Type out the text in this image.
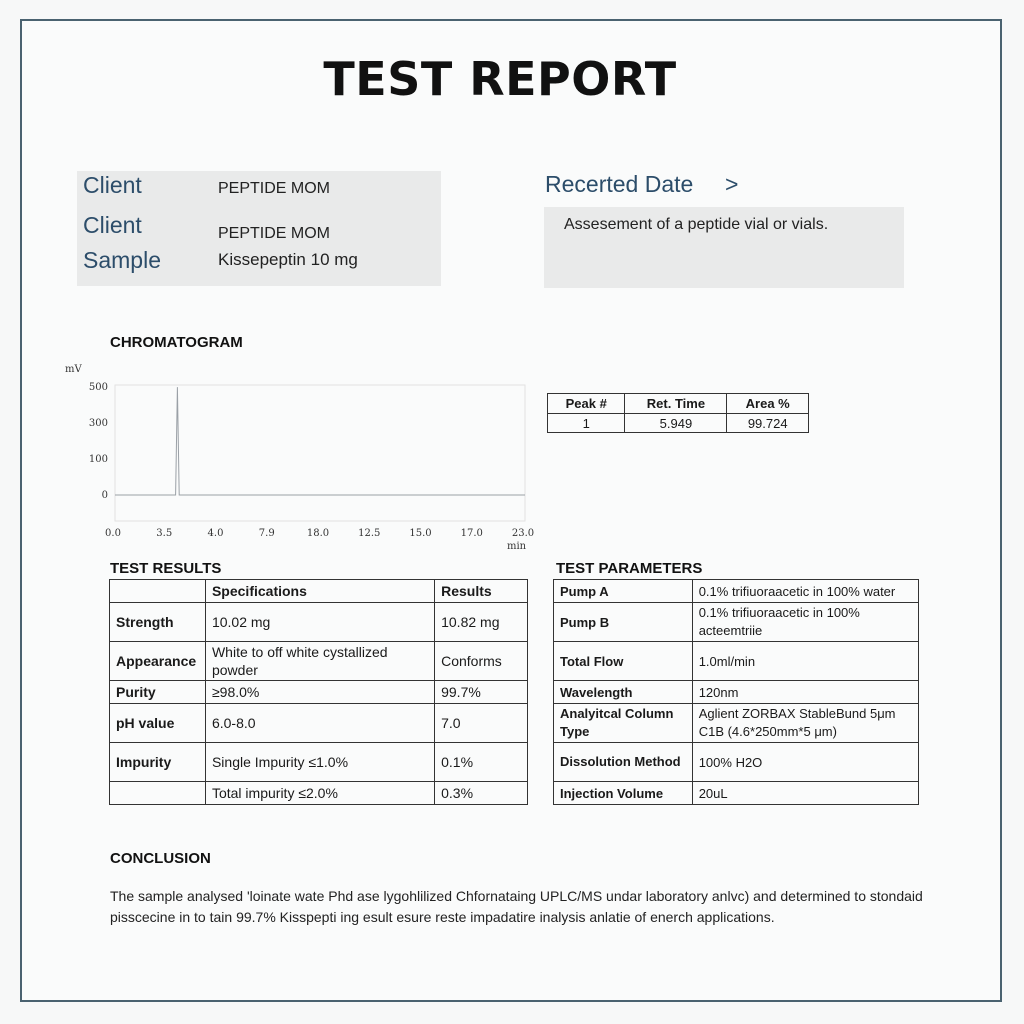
TEST REPORT
Client	PEPTIDE MOM
Client	PEPTIDE MOM
Sample	Kissepeptin 10 mg
Recerted Date >
Assesement of a peptide vial or vials.
CHROMATOGRAM
mV
500
300
100
0
0.0	3.5	4.0	7.9	18.0	12.5	15.0	17.0	23.0
min
Peak #	Ret. Time	Area %
1	5.949	99.724
TEST RESULTS
	Specifications	Results
Strength	10.02 mg	10.82 mg
Appearance	White to off white cystallized powder	Conforms
Purity	≥98.0%	99.7%
pH value	6.0-8.0	7.0
Impurity	Single Impurity ≤1.0%	0.1%
	Total impurity ≤2.0%	0.3%
TEST PARAMETERS
Pump A	0.1% trifiuoraacetic in 100% water
Pump B	0.1% trifiuoraacetic in 100% acteemtriie
Total Flow	1.0ml/min
Wavelength	120nm
Analyitcal Column Type	Aglient ZORBAX StableBund 5μm C1B (4.6*250mm*5 μm)
Dissolution Method	100% H2O
Injection Volume	20uL
CONCLUSION
The sample analysed 'loinate wate Phd ase lygohlilized Chfornataing UPLC/MS undar laboratory anlvc) and determined to stondaid pisscecine in to tain 99.7% Kisspepti ing esult esure reste impadatire inalysis anlatie of enerch applications.
